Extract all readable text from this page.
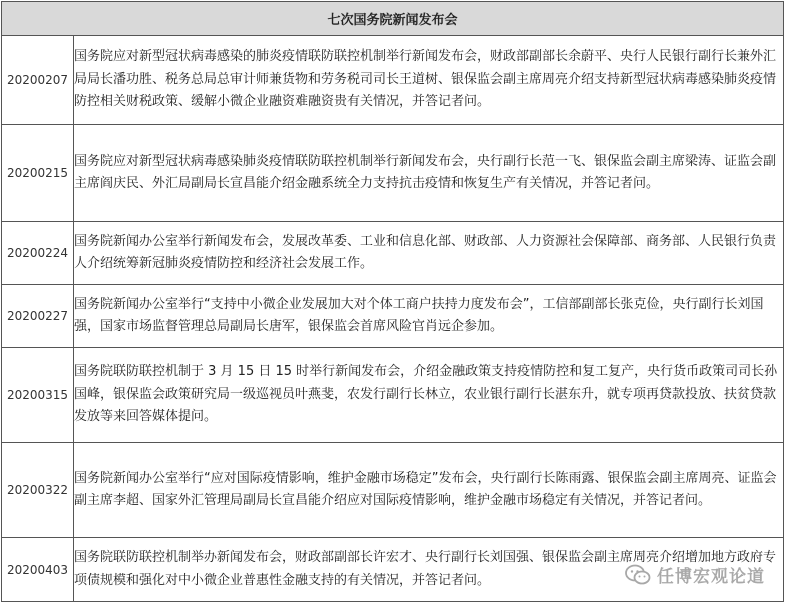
七次国务院新闻发布会	
20200207	国务院应对新型冠状病毒感染的肺炎疫情联防联控机制举行新闻发布会，财政部副部长余蔚平、央行人民银行副行长兼外汇局局长潘功胜、税务总局总审计师兼货物和劳务税司司长王道树、银保监会副主席周亮介绍支持新型冠状病毒感染肺炎疫情防控相关财税政策、缓解小微企业融资难融资贵有关情况，并答记者问。
20200215	国务院应对新型冠状病毒感染肺炎疫情联防联控机制举行新闻发布会，央行副行长范一飞、银保监会副主席梁涛、证监会副主席阎庆民、外汇局副局长宣昌能介绍金融系统全力支持抗击疫情和恢复生产有关情况，并答记者问。
20200224	国务院新闻办公室举行新闻发布会，发展改革委、工业和信息化部、财政部、人力资源社会保障部、商务部、人民银行负责人介绍统筹新冠肺炎疫情防控和经济社会发展工作。
20200227	国务院新闻办公室举行“支持中小微企业发展加大对个体工商户扶持力度发布会”，工信部副部长张克俭，央行副行长刘国强，国家市场监督管理总局副局长唐军，银保监会首席风险官肖远企参加。
20200315	国务院联防联控机制于 3 月 15 日 15 时举行新闻发布会，介绍金融政策支持疫情防控和复工复产，央行货币政策司司长孙国峰，银保监会政策研究局一级巡视员叶燕斐，农发行副行长林立，农业银行副行长湛东升，就专项再贷款投放、扶贫贷款发放等来回答媒体提问。
20200322	国务院新闻办公室举行“应对国际疫情影响，维护金融市场稳定”发布会，央行副行长陈雨露、银保监会副主席周亮、证监会副主席李超、国家外汇管理局副局长宣昌能介绍应对国际疫情影响，维护金融市场稳定有关情况，并答记者问。
20200403	国务院联防联控机制举办新闻发布会，财政部副部长许宏才、央行副行长刘国强、银保监会副主席周亮介绍增加地方政府专项债规模和强化对中小微企业普惠性金融支持的有关情况，并答记者问。	任博宏观论道
